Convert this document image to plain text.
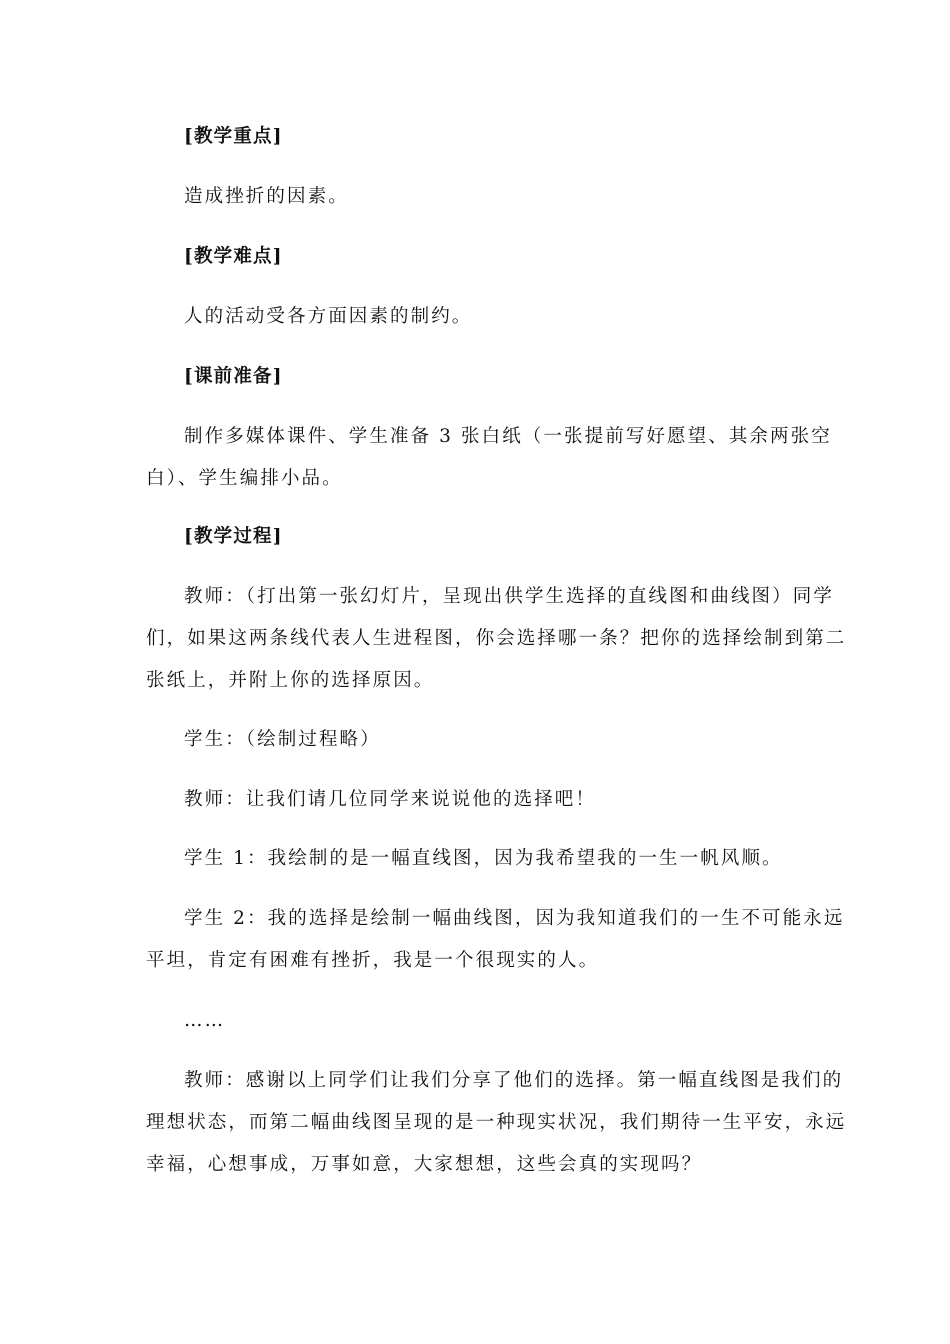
[教学重点]
造成挫折的因素。
[教学难点]
人的活动受各方面因素的制约。
[课前准备]
制作多媒体课件、学生准备 3 张白纸（一张提前写好愿望、其余两张空
白）、学生编排小品。
[教学过程]
教师：（打出第一张幻灯片，呈现出供学生选择的直线图和曲线图）同学
们，如果这两条线代表人生进程图，你会选择哪一条？把你的选择绘制到第二
张纸上，并附上你的选择原因。
学生：（绘制过程略）
教师：让我们请几位同学来说说他的选择吧！
学生 1：我绘制的是一幅直线图，因为我希望我的一生一帆风顺。
学生 2：我的选择是绘制一幅曲线图，因为我知道我们的一生不可能永远
平坦，肯定有困难有挫折，我是一个很现实的人。
……
教师：感谢以上同学们让我们分享了他们的选择。第一幅直线图是我们的
理想状态，而第二幅曲线图呈现的是一种现实状况，我们期待一生平安，永远
幸福，心想事成，万事如意，大家想想，这些会真的实现吗？
